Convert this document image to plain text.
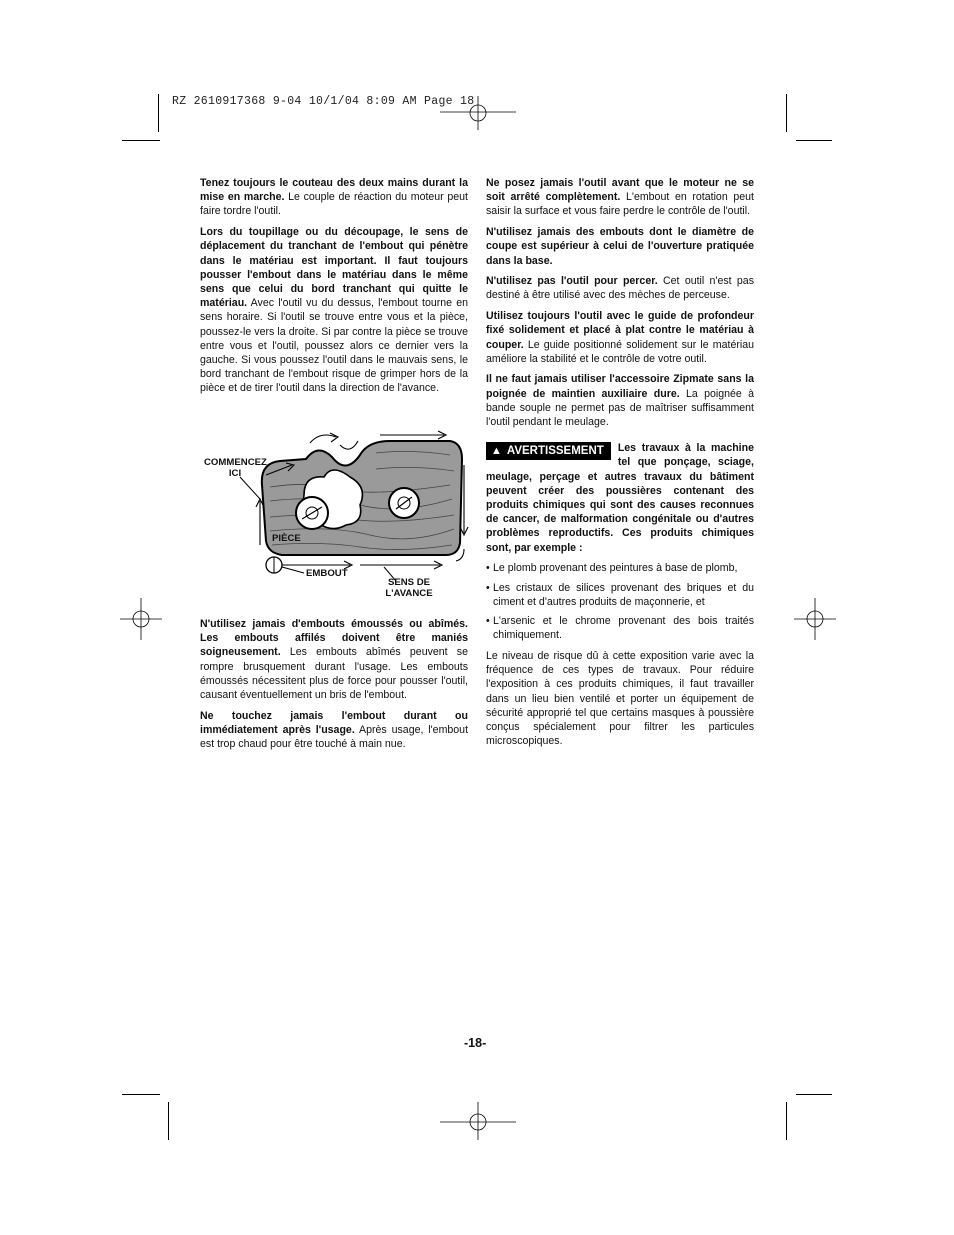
RZ 2610917368 9-04 10/1/04 8:09 AM Page 18

Tenez toujours le couteau des deux mains durant la mise en marche. Le couple de réaction du moteur peut faire tordre l'outil.

Lors du toupillage ou du découpage, le sens de déplacement du tranchant de l'embout qui pénètre dans le matériau est important. Il faut toujours pousser l'embout dans le matériau dans le même sens que celui du bord tranchant qui quitte le matériau. Avec l'outil vu du dessus, l'embout tourne en sens horaire. Si l'outil se trouve entre vous et la pièce, poussez-le vers la droite. Si par contre la pièce se trouve entre vous et l'outil, poussez alors ce dernier vers la gauche. Si vous poussez l'outil dans le mauvais sens, le bord tranchant de l'embout risque de grimper hors de la pièce et de tirer l'outil dans la direction de l'avance.

COMMENCEZ
ICI
PIÈCE
EMBOUT
SENS DE
L'AVANCE

N'utilisez jamais d'embouts émoussés ou abîmés. Les embouts affilés doivent être maniés soigneusement. Les embouts abîmés peuvent se rompre brusquement durant l'usage. Les embouts émoussés nécessitent plus de force pour pousser l'outil, causant éventuellement un bris de l'embout.

Ne touchez jamais l'embout durant ou immédiatement après l'usage. Après usage, l'embout est trop chaud pour être touché à main nue.

Ne posez jamais l'outil avant que le moteur ne se soit arrêté complètement. L'embout en rotation peut saisir la surface et vous faire perdre le contrôle de l'outil.

N'utilisez jamais des embouts dont le diamètre de coupe est supérieur à celui de l'ouverture pratiquée dans la base.

N'utilisez pas l'outil pour percer. Cet outil n'est pas destiné à être utilisé avec des mèches de perceuse.

Utilisez toujours l'outil avec le guide de profondeur fixé solidement et placé à plat contre le matériau à couper. Le guide positionné solidement sur le matériau améliore la stabilité et le contrôle de votre outil.

Il ne faut jamais utiliser l'accessoire Zipmate sans la poignée de maintien auxiliaire dure. La poignée à bande souple ne permet pas de maîtriser suffisamment l'outil pendant le meulage.

▲ AVERTISSEMENT	Les travaux à la machine tel que ponçage, sciage, meulage, perçage et autres travaux du bâtiment peuvent créer des poussières contenant des produits chimiques qui sont des causes reconnues de cancer, de malformation congénitale ou d'autres problèmes reproductifs. Ces produits chimiques sont, par exemple :

• Le plomb provenant des peintures à base de plomb,
• Les cristaux de silices provenant des briques et du ciment et d'autres produits de maçonnerie, et
• L'arsenic et le chrome provenant des bois traités chimiquement.

Le niveau de risque dû à cette exposition varie avec la fréquence de ces types de travaux. Pour réduire l'exposition à ces produits chimiques, il faut travailler dans un lieu bien ventilé et porter un équipement de sécurité approprié tel que certains masques à poussière conçus spécialement pour filtrer les particules microscopiques.

-18-
